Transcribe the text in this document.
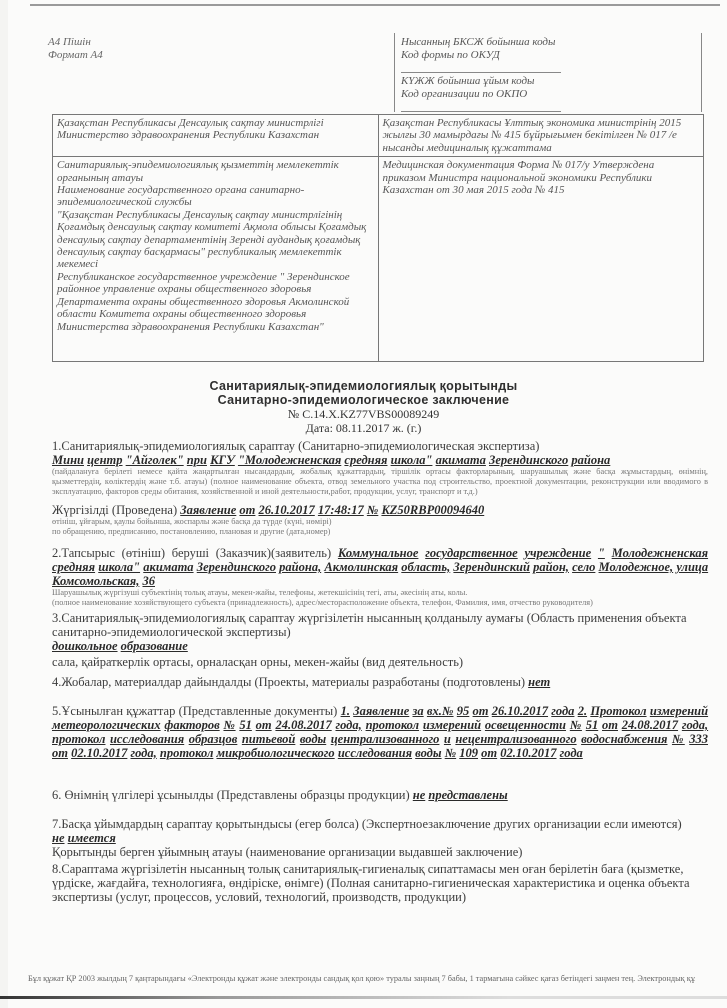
А4 Пішін
Формат А4
Нысанның БКСЖ бойынша коды
Код формы по ОКУД
КҮЖЖ бойынша ұйым коды
Код организации по ОКПО
Қазақстан Республикасы Денсаулық сақтау министрлігі
Министерство здравоохранения Республики Казахстан	Қазақстан Республикасы Ұлттық экономика министрінің 2015 жылғы 30 мамырдағы № 415 бұйрығымен бекітілген № 017 /е нысанды медициналық құжаттама

Санитариялық-эпидемиологиялық қызметтің мемлекеттік органының атауы
Наименование государственного органа санитарно-эпидемиологической службы
"Қазақстан Республикасы Денсаулық сақтау министрлігінің Қоғамдық денсаулық сақтау комитеті Ақмола облысы Қоғамдық денсаулық сақтау департаментінің Зеренді аудандық қоғамдық денсаулық сақтау басқармасы" республикалық мемлекеттік мекемесі
Республиканское государственное учреждение " Зерендинское районное управление охраны общественного здоровья Департамента охраны общественного здоровья Акмолинской области Комитета охраны общественного здоровья Министерства здравоохранения Республики Казахстан"	Медицинская документация Форма № 017/у Утверждена приказом Министра национальной экономики Республики Казахстан от 30 мая 2015 года № 415
Санитариялық-эпидемиологиялық қорытынды
Санитарно-эпидемиологическое заключение
№ C.14.X.KZ77VBS00089249
Дата: 08.11.2017 ж. (г.)
1.Санитариялық-эпидемиологиялық сараптау (Санитарно-эпидемиологическая экспертиза)
Мини центр "Айголек" при КГУ "Молодежненская средняя школа" акимата Зерендинского района
(пайдалануға берілеті немесе қайта жаңартылған нысандардың, жобалық құжаттардың, тіршілік ортасы факторларының, шаруашылық және басқа жұмыстардың, өнімнің, қызметтердің, көліктердің және т.б. атауы) (полное наименование объекта, отвод земельного участка под строительство, проектной документации, реконструкции или вводимого в эксплуатацию, факторов среды обитания, хозяйственной и иной деятельности,работ, продукции, услуг, транспорт и т.д.)
Жүргізілді (Проведена) Заявление от 26.10.2017 17:48:17 № KZ50RBP00094640
өтініш, ұйғарым, қаулы бойынша, жоспарлы және басқа да түрде (күні, нөмірі)
по обращению, предписанию, постановлению, плановая и другие (дата,номер)
2.Тапсырыс (өтініш) беруші (Заказчик)(заявитель) Коммунальное государственное учреждение " Молодежненская средняя школа" акимата Зерендинского района, Акмолинская область, Зерендинский район, село Молодежное, улица Комсомольская, 36
Шаруашылық жүргізуші субъектінің толық атауы, мекен-жайы, телефоны, жетекшісінің тегі, аты, әкесінің аты, колы.
(полное наименование хозяйствующего субъекта (принадлежность), адрес/месторасположение объекта, телефон, Фамилия, имя, отчество руководителя)
3.Санитариялық-эпидемиологиялық сараптау жүргізілетін нысанның қолданылу аумағы (Область применения объекта санитарно-эпидемиологической экспертизы)
дошкольное образование
сала, қайраткерлік ортасы, орналасқан орны, мекен-жайы (вид деятельность)
4.Жобалар, материалдар дайындалды (Проекты, материалы разработаны (подготовлены) нет
5.Ұсынылған құжаттар (Представленные документы) 1. Заявление за вх.№ 95 от 26.10.2017 года 2. Протокол измерений метеорологических факторов № 51 от 24.08.2017 года, протокол измерений освещенности № 51 от 24.08.2017 года, протокол исследования образцов питьевой воды централизованного и нецентрализованного водоснабжения № 333 от 02.10.2017 года, протокол микробиологического исследования воды № 109 от 02.10.2017 года
6. Өнімнің үлгілері ұсынылды (Представлены образцы продукции) не представлены
7.Басқа ұйымдардың сараптау қорытындысы (егер болса) (Экспертноезаключение других организации если имеются)
не имеется
Қорытынды берген ұйымның атауы (наименование организации выдавшей заключение)
8.Сараптама жүргізілетін нысанның толық санитариялық-гигиеналық сипаттамасы мен оған берілетін баға (қызметке, үрдіске, жағдайға, технологияға, өндіріске, өнімге) (Полная санитарно-гигиеническая характеристика и оценка объекта экспертизы (услуг, процессов, условий, технологий, производств, продукции)
Бұл құжат ҚР 2003 жылдың 7 қаңтарындағы «Электронды құжат және электронды сандық қол қою» туралы заңның 7 бабы, 1 тармағына сәйкес қағаз бетіндегі заңмен тең. Электрондық құ
